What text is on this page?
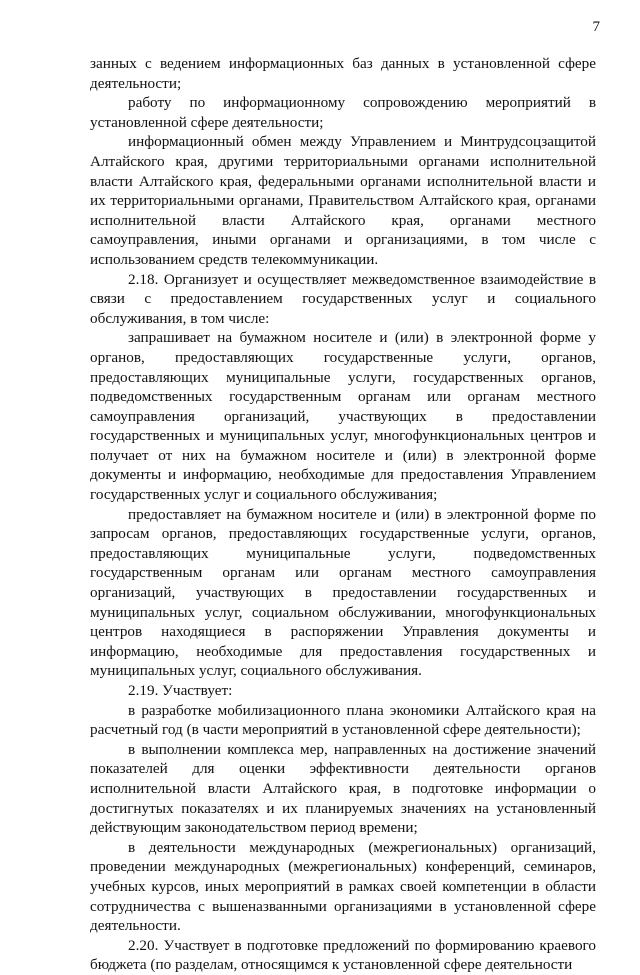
7

занных с ведением информационных баз данных в установленной сфере деятельности;

работу по информационному сопровождению мероприятий в установленной сфере деятельности;

информационный обмен между Управлением и Минтрудсоцзащитой Алтайского края, другими территориальными органами исполнительной власти Алтайского края, федеральными органами исполнительной власти и их территориальными органами, Правительством Алтайского края, органами исполнительной власти Алтайского края, органами местного самоуправления, иными органами и организациями, в том числе с использованием средств телекоммуникации.

2.18. Организует и осуществляет межведомственное взаимодействие в связи с предоставлением государственных услуг и социального обслуживания, в том числе:

запрашивает на бумажном носителе и (или) в электронной форме у органов, предоставляющих государственные услуги, органов, предоставляющих муниципальные услуги, государственных органов, подведомственных государственным органам или органам местного самоуправления организаций, участвующих в предоставлении государственных и муниципальных услуг, многофункциональных центров и получает от них на бумажном носителе и (или) в электронной форме документы и информацию, необходимые для предоставления Управлением государственных услуг и социального обслуживания;

предоставляет на бумажном носителе и (или) в электронной форме по запросам органов, предоставляющих государственные услуги, органов, предоставляющих муниципальные услуги, подведомственных государственным органам или органам местного самоуправления организаций, участвующих в предоставлении государственных и муниципальных услуг, социальном обслуживании, многофункциональных центров находящиеся в распоряжении Управления документы и информацию, необходимые для предоставления государственных и муниципальных услуг, социального обслуживания.

2.19. Участвует:

в разработке мобилизационного плана экономики Алтайского края на расчетный год (в части мероприятий в установленной сфере деятельности);

в выполнении комплекса мер, направленных на достижение значений показателей для оценки эффективности деятельности органов исполнительной власти Алтайского края, в подготовке информации о достигнутых показателях и их планируемых значениях на установленный действующим законодательством период времени;

в деятельности международных (межрегиональных) организаций, проведении международных (межрегиональных) конференций, семинаров, учебных курсов, иных мероприятий в рамках своей компетенции в области сотрудничества с вышеназванными организациями в установленной сфере деятельности.

2.20. Участвует в подготовке предложений по формированию краевого бюджета (по разделам, относящимся к установленной сфере деятельности
